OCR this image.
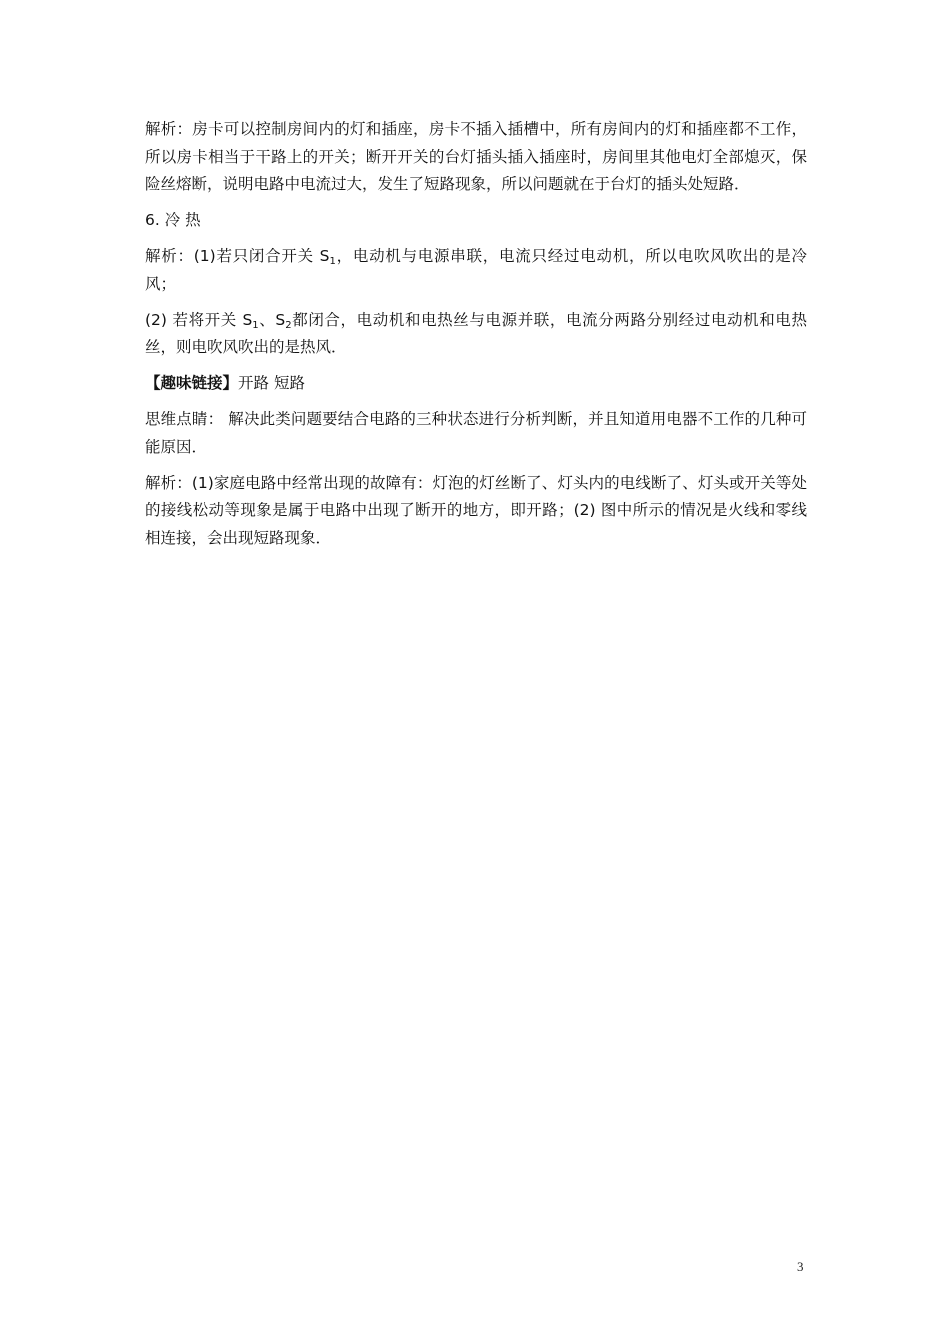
解析：房卡可以控制房间内的灯和插座，房卡不插入插槽中，所有房间内的灯和插座都不工作，所以房卡相当于干路上的开关；断开开关的台灯插头插入插座时，房间里其他电灯全部熄灭，保险丝熔断，说明电路中电流过大，发生了短路现象，所以问题就在于台灯的插头处短路．

6. 冷 热

解析：(1)若只闭合开关 $S_1$，电动机与电源串联，电流只经过电动机，所以电吹风吹出的是冷风；

(2) 若将开关 $S_1$、$S_2$都闭合，电动机和电热丝与电源并联，电流分两路分别经过电动机和电热丝，则电吹风吹出的是热风．

【趣味链接】开路 短路

思维点睛： 解决此类问题要结合电路的三种状态进行分析判断，并且知道用电器不工作的几种可能原因．

解析：(1)家庭电路中经常出现的故障有：灯泡的灯丝断了、灯头内的电线断了、灯头或开关等处的接线松动等现象是属于电路中出现了断开的地方，即开路；(2) 图中所示的情况是火线和零线相连接，会出现短路现象．

3
